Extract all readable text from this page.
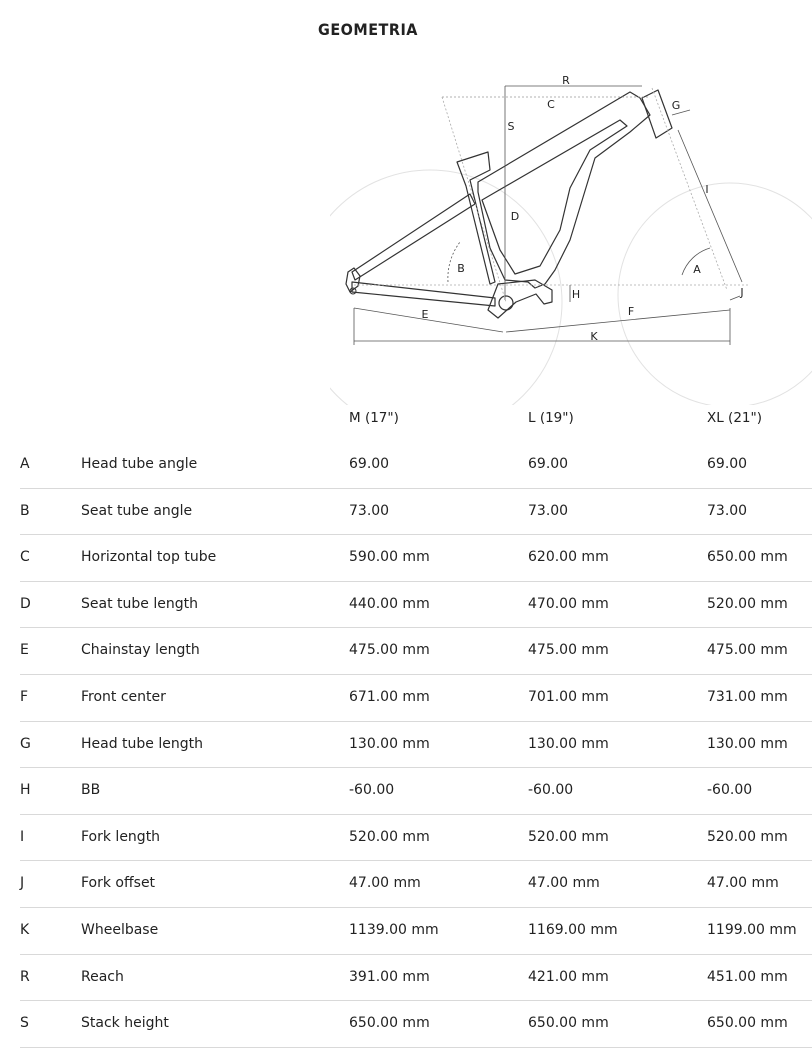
GEOMETRIA
R
C
S
G
I
D
B	A
J
H
E	F
K
M (17")	L (19")	XL (21")
A	Head tube angle	69.00	69.00	69.00
B	Seat tube angle	73.00	73.00	73.00
C	Horizontal top tube	590.00 mm	620.00 mm	650.00 mm
D	Seat tube length	440.00 mm	470.00 mm	520.00 mm
E	Chainstay length	475.00 mm	475.00 mm	475.00 mm
F	Front center	671.00 mm	701.00 mm	731.00 mm
G	Head tube length	130.00 mm	130.00 mm	130.00 mm
H	BB	-60.00	-60.00	-60.00
I	Fork length	520.00 mm	520.00 mm	520.00 mm
J	Fork offset	47.00 mm	47.00 mm	47.00 mm
K	Wheelbase	1139.00 mm	1169.00 mm	1199.00 mm
R	Reach	391.00 mm	421.00 mm	451.00 mm
S	Stack height	650.00 mm	650.00 mm	650.00 mm
